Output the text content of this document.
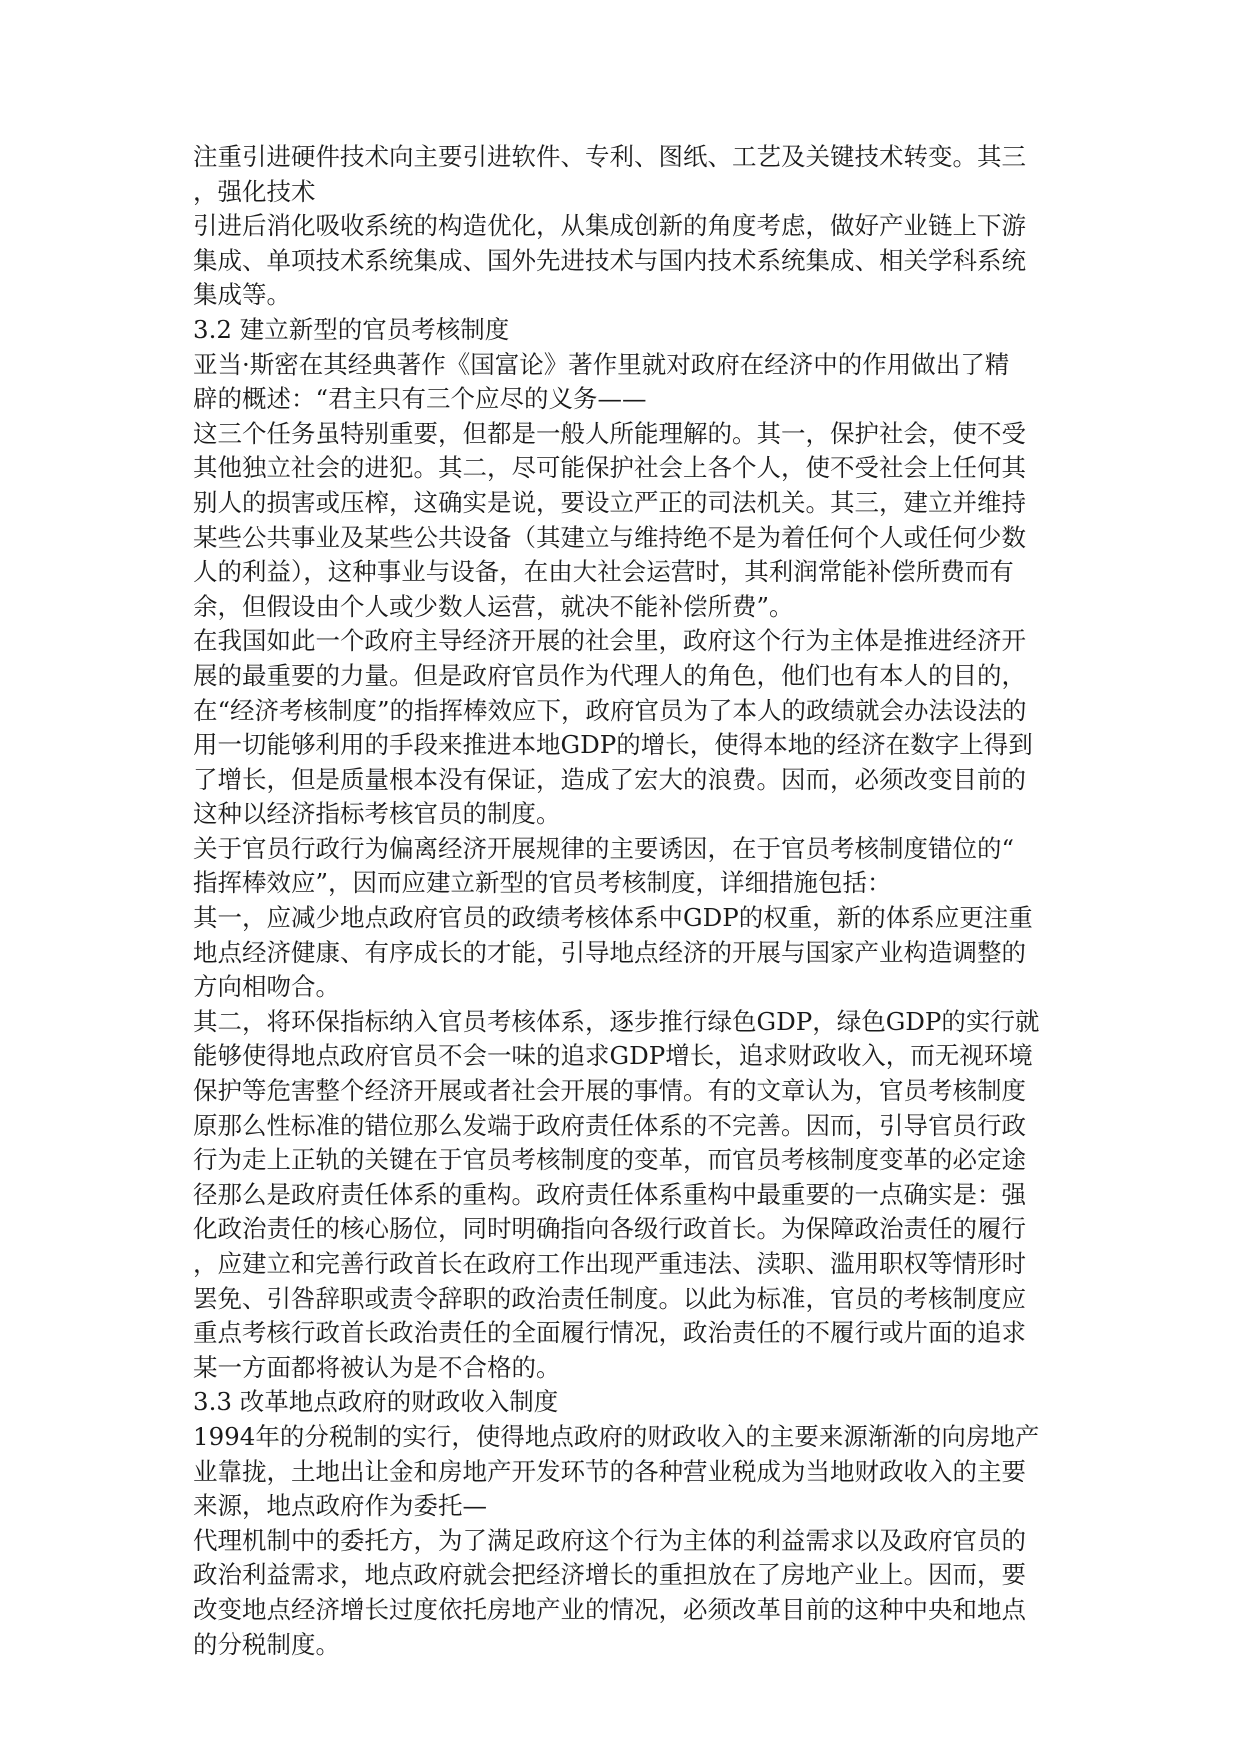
注重引进硬件技术向主要引进软件、专利、图纸、工艺及关键技术转变。其三
，强化技术
引进后消化吸收系统的构造优化，从集成创新的角度考虑，做好产业链上下游
集成、单项技术系统集成、国外先进技术与国内技术系统集成、相关学科系统
集成等。
3.2 建立新型的官员考核制度
亚当·斯密在其经典著作《国富论》著作里就对政府在经济中的作用做出了精
辟的概述：“君主只有三个应尽的义务——
这三个任务虽特别重要，但都是一般人所能理解的。其一，保护社会，使不受
其他独立社会的进犯。其二，尽可能保护社会上各个人，使不受社会上任何其
别人的损害或压榨，这确实是说，要设立严正的司法机关。其三，建立并维持
某些公共事业及某些公共设备（其建立与维持绝不是为着任何个人或任何少数
人的利益），这种事业与设备，在由大社会运营时，其利润常能补偿所费而有
余，但假设由个人或少数人运营，就决不能补偿所费”。
在我国如此一个政府主导经济开展的社会里，政府这个行为主体是推进经济开
展的最重要的力量。但是政府官员作为代理人的角色，他们也有本人的目的，
在“经济考核制度”的指挥棒效应下，政府官员为了本人的政绩就会办法设法的
用一切能够利用的手段来推进本地GDP的增长，使得本地的经济在数字上得到
了增长，但是质量根本没有保证，造成了宏大的浪费。因而，必须改变目前的
这种以经济指标考核官员的制度。
关于官员行政行为偏离经济开展规律的主要诱因，在于官员考核制度错位的“
指挥棒效应”，因而应建立新型的官员考核制度，详细措施包括：
其一，应减少地点政府官员的政绩考核体系中GDP的权重，新的体系应更注重
地点经济健康、有序成长的才能，引导地点经济的开展与国家产业构造调整的
方向相吻合。
其二，将环保指标纳入官员考核体系，逐步推行绿色GDP，绿色GDP的实行就
能够使得地点政府官员不会一味的追求GDP增长，追求财政收入，而无视环境
保护等危害整个经济开展或者社会开展的事情。有的文章认为，官员考核制度
原那么性标准的错位那么发端于政府责任体系的不完善。因而，引导官员行政
行为走上正轨的关键在于官员考核制度的变革，而官员考核制度变革的必定途
径那么是政府责任体系的重构。政府责任体系重构中最重要的一点确实是：强
化政治责任的核心肠位，同时明确指向各级行政首长。为保障政治责任的履行
，应建立和完善行政首长在政府工作出现严重违法、渎职、滥用职权等情形时
罢免、引咎辞职或责令辞职的政治责任制度。以此为标准，官员的考核制度应
重点考核行政首长政治责任的全面履行情况，政治责任的不履行或片面的追求
某一方面都将被认为是不合格的。
3.3 改革地点政府的财政收入制度
1994年的分税制的实行，使得地点政府的财政收入的主要来源渐渐的向房地产
业靠拢，土地出让金和房地产开发环节的各种营业税成为当地财政收入的主要
来源，地点政府作为委托—
代理机制中的委托方，为了满足政府这个行为主体的利益需求以及政府官员的
政治利益需求，地点政府就会把经济增长的重担放在了房地产业上。因而，要
改变地点经济增长过度依托房地产业的情况，必须改革目前的这种中央和地点
的分税制度。
